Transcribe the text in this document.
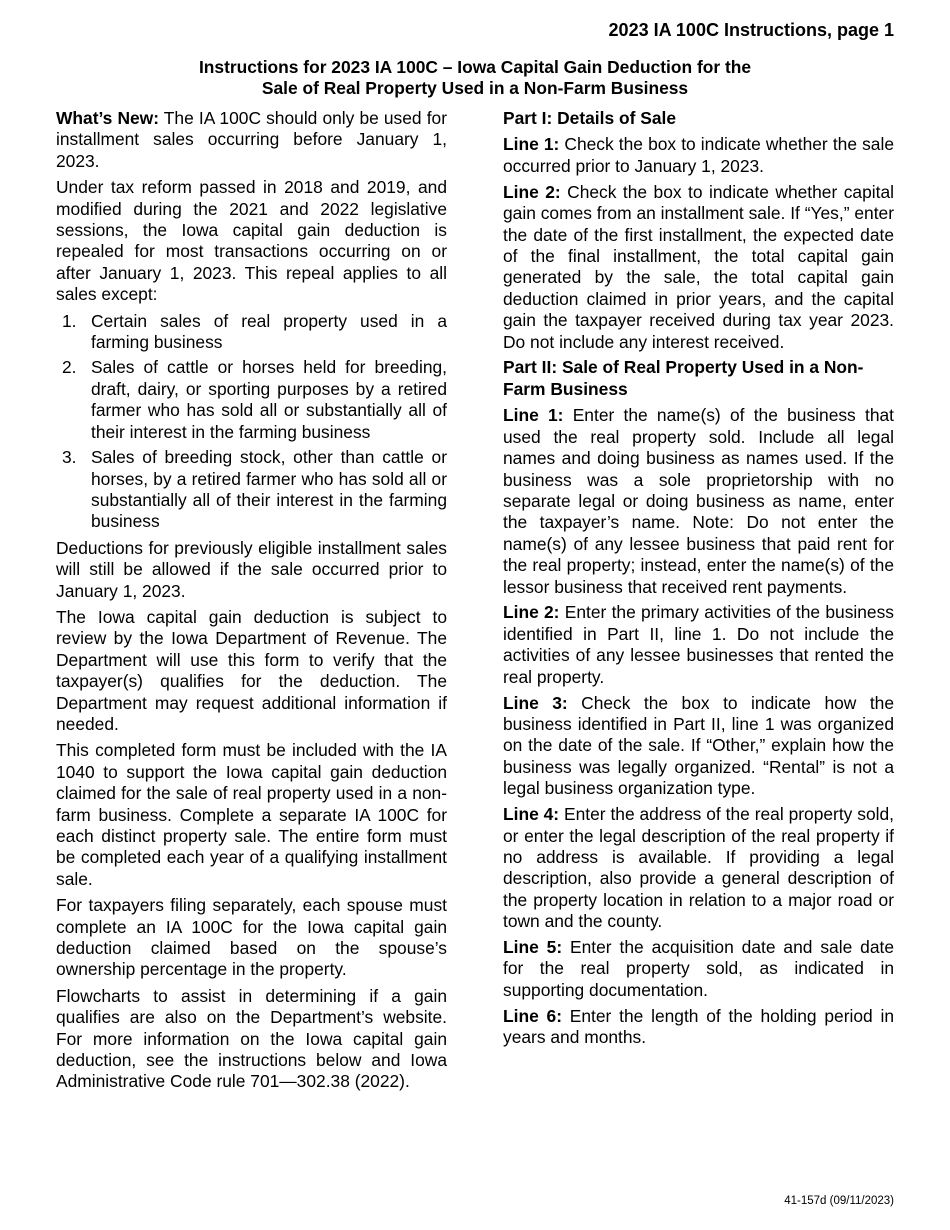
2023 IA 100C Instructions, page 1

Instructions for 2023 IA 100C – Iowa Capital Gain Deduction for the
Sale of Real Property Used in a Non-Farm Business

What’s New: The IA 100C should only be used for installment sales occurring before January 1, 2023.

Under tax reform passed in 2018 and 2019, and modified during the 2021 and 2022 legislative sessions, the Iowa capital gain deduction is repealed for most transactions occurring on or after January 1, 2023. This repeal applies to all sales except:

1. Certain sales of real property used in a farming business
2. Sales of cattle or horses held for breeding, draft, dairy, or sporting purposes by a retired farmer who has sold all or substantially all of their interest in the farming business
3. Sales of breeding stock, other than cattle or horses, by a retired farmer who has sold all or substantially all of their interest in the farming business

Deductions for previously eligible installment sales will still be allowed if the sale occurred prior to January 1, 2023.

The Iowa capital gain deduction is subject to review by the Iowa Department of Revenue. The Department will use this form to verify that the taxpayer(s) qualifies for the deduction. The Department may request additional information if needed.

This completed form must be included with the IA 1040 to support the Iowa capital gain deduction claimed for the sale of real property used in a non-farm business. Complete a separate IA 100C for each distinct property sale. The entire form must be completed each year of a qualifying installment sale.

For taxpayers filing separately, each spouse must complete an IA 100C for the Iowa capital gain deduction claimed based on the spouse’s ownership percentage in the property.

Flowcharts to assist in determining if a gain qualifies are also on the Department’s website. For more information on the Iowa capital gain deduction, see the instructions below and Iowa Administrative Code rule 701—302.38 (2022).

Part I: Details of Sale

Line 1: Check the box to indicate whether the sale occurred prior to January 1, 2023.

Line 2: Check the box to indicate whether capital gain comes from an installment sale. If “Yes,” enter the date of the first installment, the expected date of the final installment, the total capital gain generated by the sale, the total capital gain deduction claimed in prior years, and the capital gain the taxpayer received during tax year 2023. Do not include any interest received.

Part II: Sale of Real Property Used in a Non-Farm Business

Line 1: Enter the name(s) of the business that used the real property sold. Include all legal names and doing business as names used. If the business was a sole proprietorship with no separate legal or doing business as name, enter the taxpayer’s name. Note: Do not enter the name(s) of any lessee business that paid rent for the real property; instead, enter the name(s) of the lessor business that received rent payments.

Line 2: Enter the primary activities of the business identified in Part II, line 1. Do not include the activities of any lessee businesses that rented the real property.

Line 3: Check the box to indicate how the business identified in Part II, line 1 was organized on the date of the sale. If “Other,” explain how the business was legally organized. “Rental” is not a legal business organization type.

Line 4: Enter the address of the real property sold, or enter the legal description of the real property if no address is available. If providing a legal description, also provide a general description of the property location in relation to a major road or town and the county.

Line 5: Enter the acquisition date and sale date for the real property sold, as indicated in supporting documentation.

Line 6: Enter the length of the holding period in years and months.

41-157d (09/11/2023)
